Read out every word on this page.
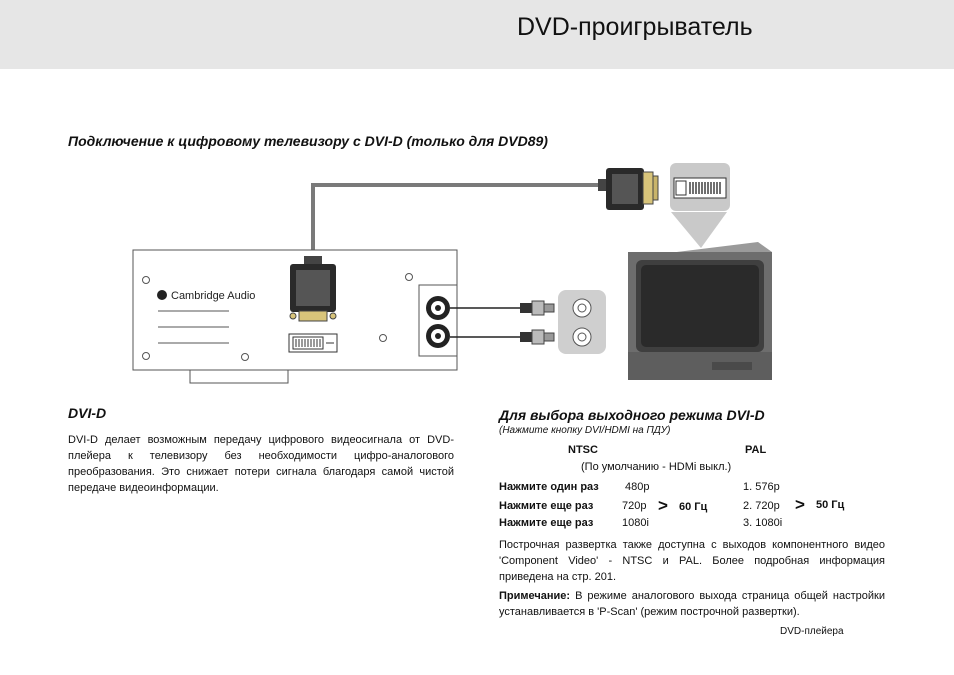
DVD-проигрыватель
Подключение к цифровому телевизору с DVI-D (только для DVD89)
Cambridge Audio
DVI-D
DVI-D делает возможным передачу цифрового видеосигнала от DVD-плейера к телевизору без необходимости цифро-аналогового преобразования. Это снижает потери сигнала благодаря самой чистой передаче видеоинформации.
Для выбора выходного режима DVI-D
(Нажмите кнопку DVI/HDMI на ПДУ)
NTSC	PAL
(По умолчанию - HDMi выкл.)
Нажмите один раз 480p	1. 576p
Нажмите еще раз	720p > 60 Гц	2. 720p > 50 Гц
Нажмите еще раз	1080i	3. 1080i
Построчная развертка также доступна с выходов компонентного видео 'Component Video' - NTSC и PAL. Более подробная информация приведена на стр. 201.
Примечание: В режиме аналогового выхода страница общей настройки устанавливается в 'P-Scan' (режим построчной развертки).
DVD-плейера
